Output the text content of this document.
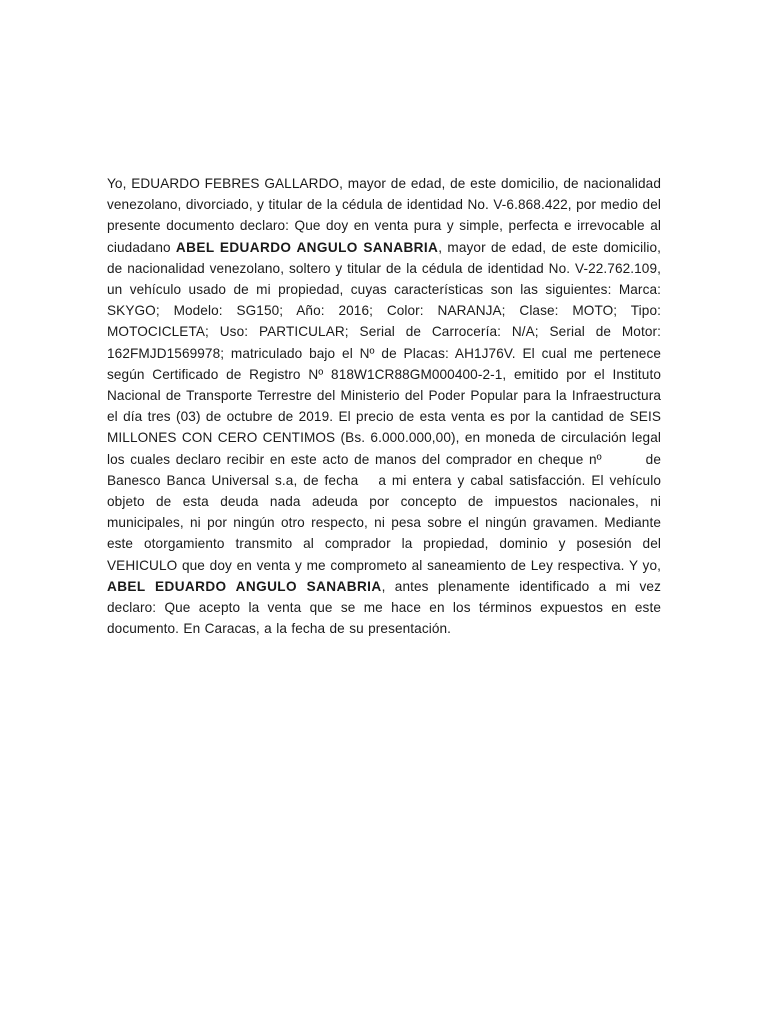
Yo, EDUARDO FEBRES GALLARDO, mayor de edad, de este domicilio, de nacionalidad venezolano, divorciado, y titular de la cédula de identidad No. V-6.868.422, por medio del presente documento declaro: Que doy en venta pura y simple, perfecta e irrevocable al ciudadano ABEL EDUARDO ANGULO SANABRIA, mayor de edad, de este domicilio, de nacionalidad venezolano, soltero y titular de la cédula de identidad No. V-22.762.109, un vehículo usado de mi propiedad, cuyas características son las siguientes: Marca: SKYGO; Modelo: SG150; Año: 2016; Color: NARANJA; Clase: MOTO; Tipo: MOTOCICLETA; Uso: PARTICULAR; Serial de Carrocería: N/A; Serial de Motor: 162FMJD1569978; matriculado bajo el Nº de Placas: AH1J76V. El cual me pertenece según Certificado de Registro Nº 818W1CR88GM000400-2-1, emitido por el Instituto Nacional de Transporte Terrestre del Ministerio del Poder Popular para la Infraestructura el día tres (03) de octubre de 2019. El precio de esta venta es por la cantidad de SEIS MILLONES CON CERO CENTIMOS (Bs. 6.000.000,00), en moneda de circulación legal los cuales declaro recibir en este acto de manos del comprador en cheque nº	de Banesco Banca Universal s.a, de fecha a mi entera y cabal satisfacción. El vehículo objeto de esta deuda nada adeuda por concepto de impuestos nacionales, ni municipales, ni por ningún otro respecto, ni pesa sobre el ningún gravamen. Mediante este otorgamiento transmito al comprador la propiedad, dominio y posesión del VEHICULO que doy en venta y me comprometo al saneamiento de Ley respectiva. Y yo, ABEL EDUARDO ANGULO SANABRIA, antes plenamente identificado a mi vez declaro: Que acepto la venta que se me hace en los términos expuestos en este documento. En Caracas, a la fecha de su presentación.
